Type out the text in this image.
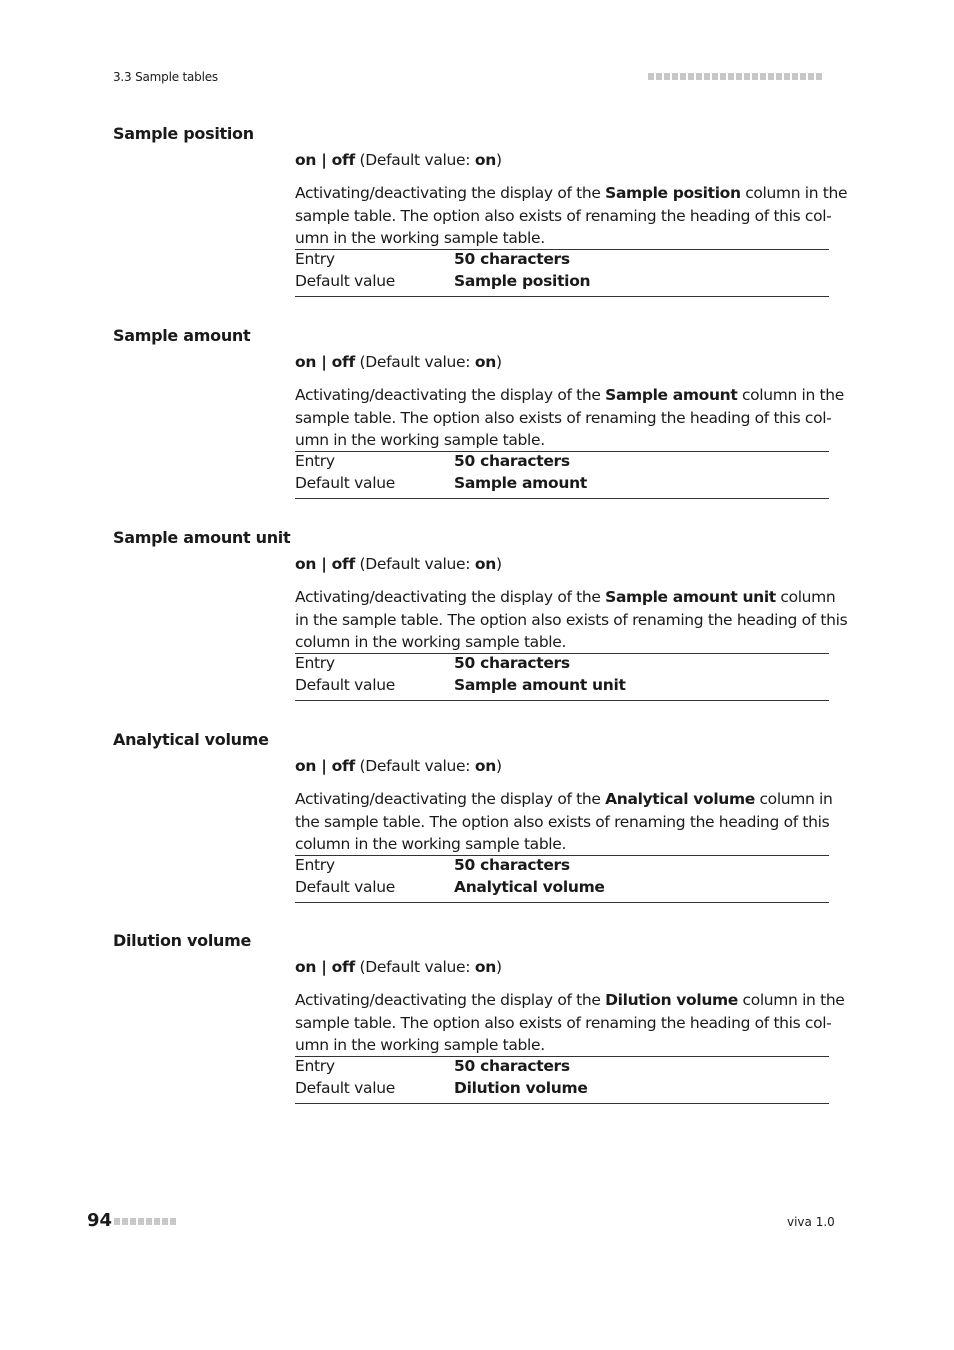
3.3 Sample tables
Sample position
on | off (Default value: on)

Activating/deactivating the display of the Sample position column in the

sample table. The option also exists of renaming the heading of this col-

umn in the working sample table.

Entry	50 characters
Default value	Sample position
Sample amount
on | off (Default value: on)

Activating/deactivating the display of the Sample amount column in the

sample table. The option also exists of renaming the heading of this col-

umn in the working sample table.

Entry	50 characters
Default value	Sample amount
Sample amount unit
on | off (Default value: on)

Activating/deactivating the display of the Sample amount unit column

in the sample table. The option also exists of renaming the heading of this

column in the working sample table.

Entry	50 characters
Default value	Sample amount unit
Analytical volume
on | off (Default value: on)

Activating/deactivating the display of the Analytical volume column in

the sample table. The option also exists of renaming the heading of this

column in the working sample table.

Entry	50 characters
Default value	Analytical volume
Dilution volume
on | off (Default value: on)

Activating/deactivating the display of the Dilution volume column in the

sample table. The option also exists of renaming the heading of this col-

umn in the working sample table.

Entry	50 characters
Default value	Dilution volume
94	viva 1.0
